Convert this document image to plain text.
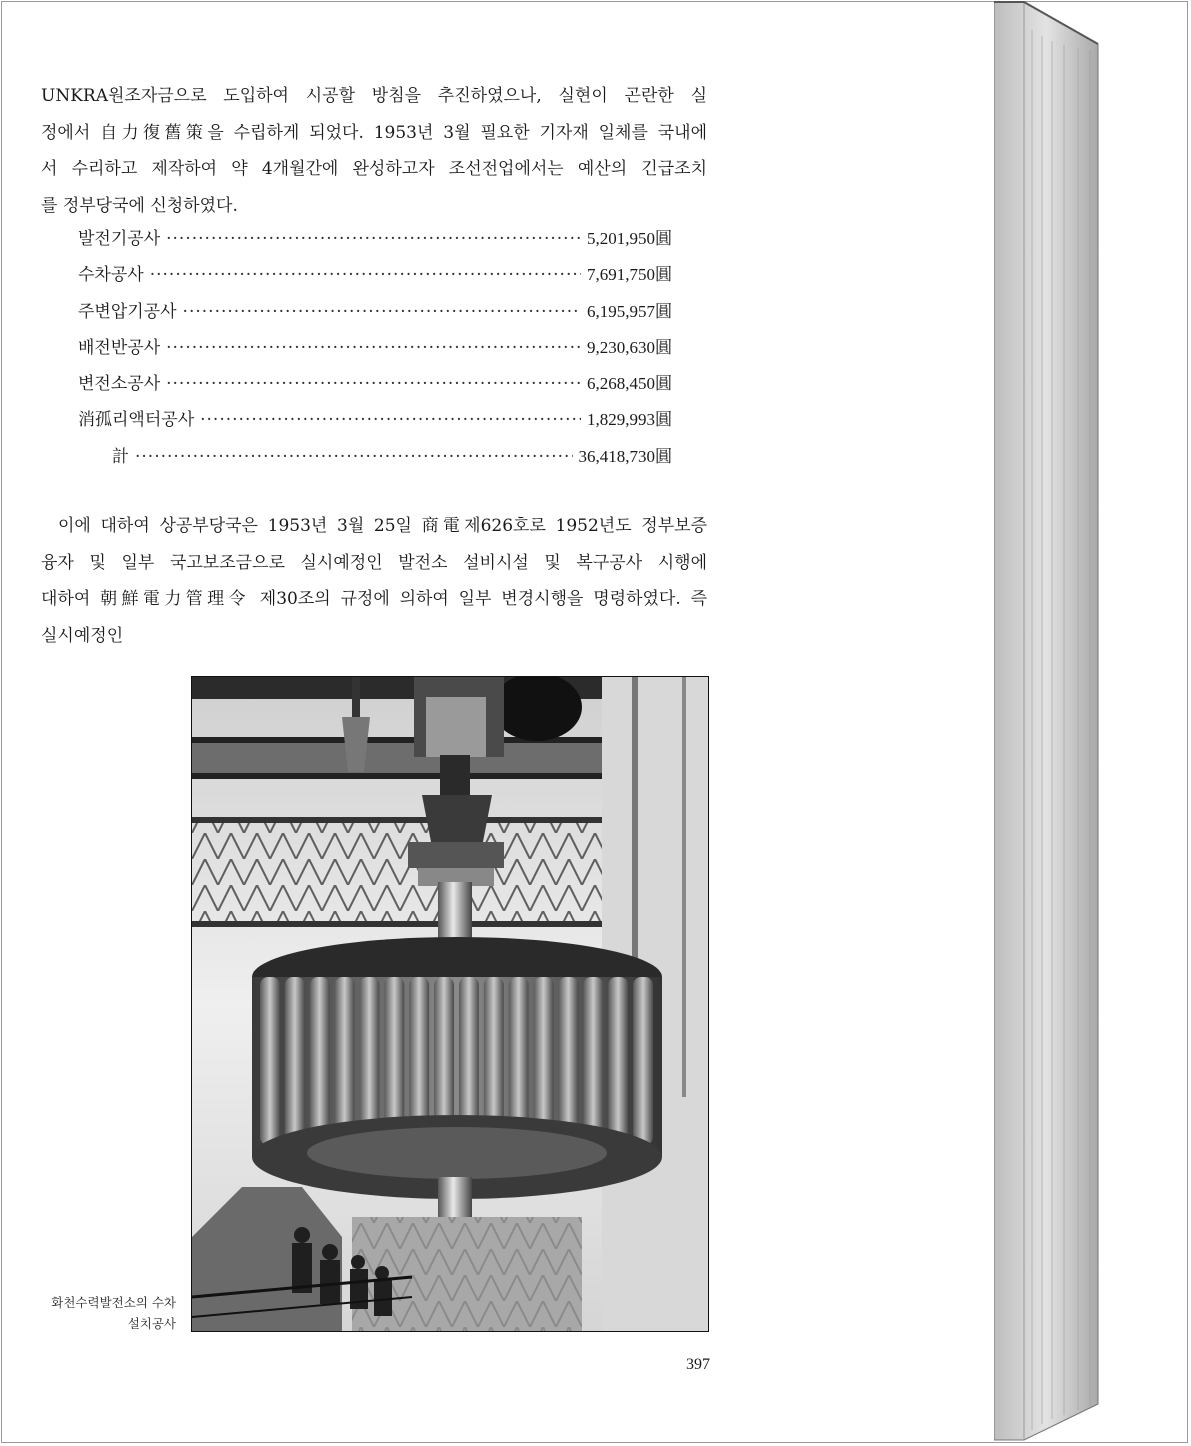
UNKRA원조자금으로 도입하여 시공할 방침을 추진하였으나, 실현이 곤란한 실
정에서 自力復舊策을 수립하게 되었다. 1953년 3월 필요한 기자재 일체를 국내에
서 수리하고 제작하여 약 4개월간에 완성하고자 조선전업에서는 예산의 긴급조치
를 정부당국에 신청하였다.
발전기공사 ·····	5,201,950圓
수차공사 ·····	7,691,750圓
주변압기공사 ·····	6,195,957圓
배전반공사 ·····	9,230,630圓
변전소공사 ·····	6,268,450圓
消孤리액터공사 ·····	1,829,993圓
計 ·····	36,418,730圓
이에 대하여 상공부당국은 1953년 3월 25일 商電제626호로 1952년도 정부보증
융자 및 일부 국고보조금으로 실시예정인 발전소 설비시설 및 복구공사 시행에
대하여 朝鮮電力管理令 제30조의 규정에 의하여 일부 변경시행을 명령하였다. 즉
실시예정인
화천수력발전소의 수차
설치공사
397
